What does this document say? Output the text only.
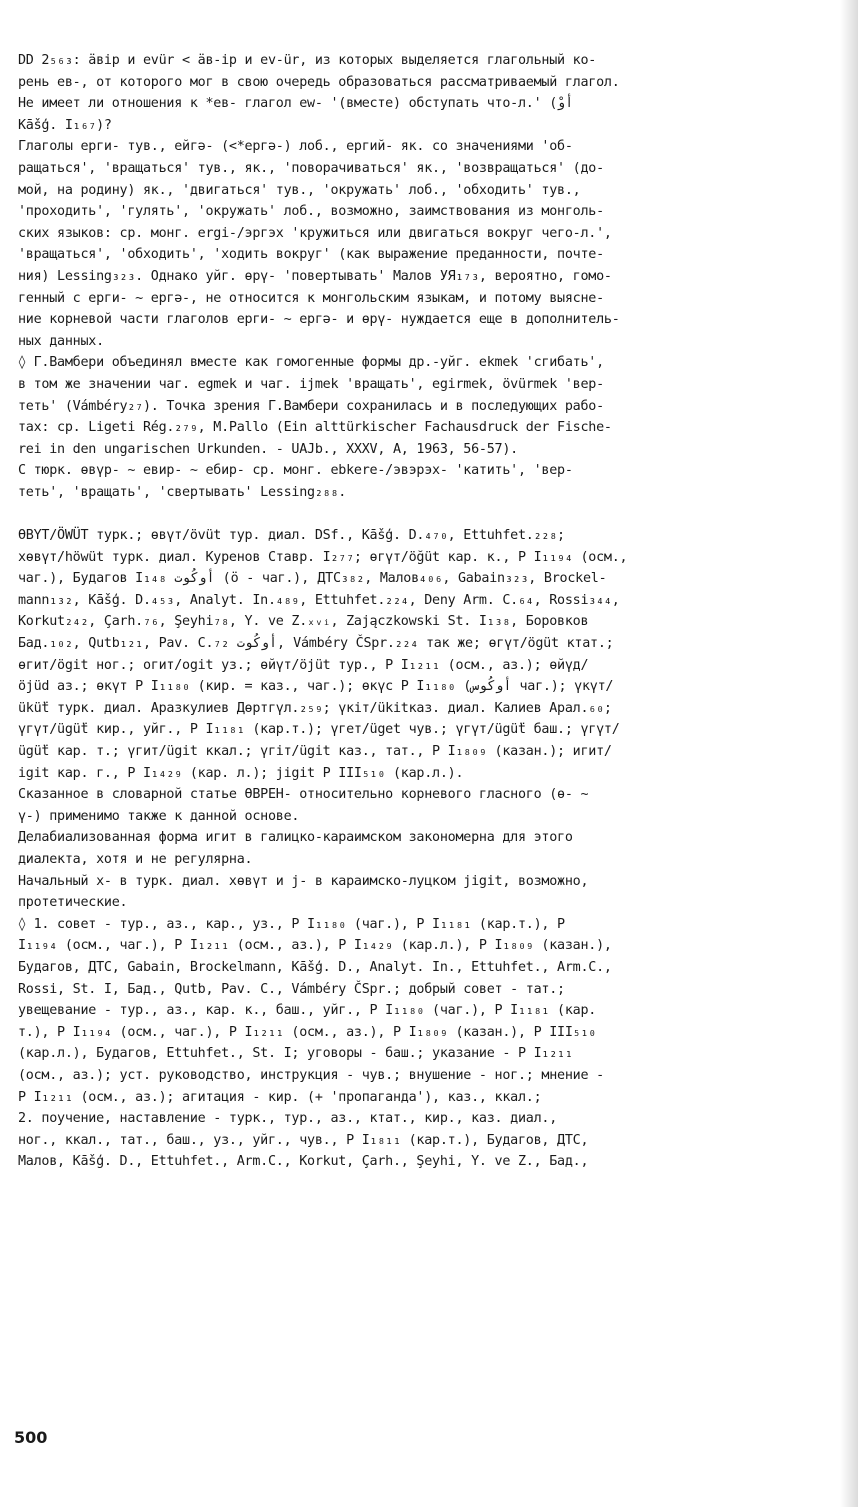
DD 2₅₆₃: ӓвір и evür < ӓв-ір и ev-ür, из которых выделяется глагольный ко-
рень ев-, от которого мог в свою очередь образоваться рассматриваемый глагол.
Не имеет ли отношения к *ев- глагол ew- '(вместе) обступать что-л.' (أُوْ
Kāšģ. I₁₆₇)?
Глаголы ерги- тув., ейгә- (<*ергә-) лоб., ергий- як. со значениями 'об-
ращаться', 'вращаться' тув., як., 'поворачиваться' як., 'возвращаться' (до-
мой, на родину) як., 'двигаться' тув., 'окружать' лоб., 'обходить' тув.,
'проходить', 'гулять', 'окружать' лоб., возможно, заимствования из монголь-
ских языков: ср. монг. ergi-/эргэх 'кружиться или двигаться вокруг чего-л.',
'вращаться', 'обходить', 'ходить вокруг' (как выражение преданности, почте-
ния) Lessing₃₂₃. Однако уйг. өрү- 'повертывать' Малов УЯ₁₇₃, вероятно, гомо-
генный с ерги- ~ ергә-, не относится к монгольским языкам, и потому выясне-
ние корневой части глаголов ерги- ~ ергә- и өрү- нуждается еще в дополнитель-
ных данных.
◊ Г.Вамбери объединял вместе как гомогенные формы др.-уйг. ekmek 'сгибать',
в том же значении чаг. egmek и чаг. ijmek 'вращать', egirmek, övürmek 'вер-
теть' (Vámbéry₂₇). Точка зрения Г.Вамбери сохранилась и в последующих рабо-
тах: ср. Ligeti Rég.₂₇₉, M.Pallo (Ein alttürkischer Fachausdruck der Fische-
rei in den ungarischen Urkunden. - UAJb., XXXV, A, 1963, 56-57).
С тюрк. өвүр- ~ евир- ~ ебир- ср. монг. ebkere-/эвэрэх- 'катить', 'вер-
теть', 'вращать', 'свертывать' Lessing₂₈₈.
ӨВҮТ/ÖWÜT турк.; өвүт/övüt тур. диал. DSf., Kāšģ. D.₄₇₀, Ettuhfet.₂₂₈;
хөвүт/höwüt турк. диал. Куренов Ставр. I₂₇₇; өгүт/öğüt кар. к., P I₁₁₉₄ (осм.,
чаг.), Будагов I₁₄₈ أُوكُوت (ӧ - чаг.), ДТС₃₈₂, Малов₄₀₆, Gabain₃₂₃, Brockel-
mann₁₃₂, Kāšģ. D.₄₅₃, Analyt. In.₄₈₉, Ettuhfet.₂₂₄, Deny Arm. C.₆₄, Rossi₃₄₄,
Korkut₂₄₂, Çarh.₇₆, Şeyhi₇₈, Y. ve Z.ₓᵥᵢ, Zajączkowski St. I₁₃₈, Боровков
Бад.₁₀₂, Qutb₁₂₁, Pav. C.₇₂ أُوكُوت, Vámbéry ČSpr.₂₂₄ так же; өгүт/ögüt ктат.;
өгит/ögit ног.; огит/ogit уз.; өйүт/öjüt тур., P I₁₂₁₁ (осм., аз.); өйүд/
öjüd аз.; өкүт P I₁₁₈₀ (кир. = каз., чаг.); өкүс P I₁₁₈₀ (أُوكُوس чаг.); үкүт/
ükü̈t турк. диал. Аразкулиев Дөртгүл.₂₅₉; үкіт/ükitказ. диал. Калиев Арал.₆₀;
үгүт/ügü̈t кир., уйг., P I₁₁₈₁ (кар.т.); үгет/üget чув.; үгүт/ügü̈t баш.; үгүт/
ügü̈t кар. т.; үгит/ügit ккал.; үгіт/ügіt каз., тат., P I₁₈₀₉ (казан.); игит/
igit кар. г., P I₁₄₂₉ (кар. л.); jigit P III₅₁₀ (кар.л.).
Сказанное в словарной статье ӨВРЕН- относительно корневого гласного (ө- ~
ү-) применимо также к данной основе.
Делабиализованная форма игит в галицко-караимском закономерна для этого
диалекта, хотя и не регулярна.
Начальный х- в турк. диал. хөвүт и j- в караимско-луцком jigit, возможно,
протетические.
◊ 1. совет - тур., аз., кар., уз., P I₁₁₈₀ (чаг.), P I₁₁₈₁ (кар.т.), P
I₁₁₉₄ (осм., чаг.), P I₁₂₁₁ (осм., аз.), P I₁₄₂₉ (кар.л.), P I₁₈₀₉ (казан.),
Будагов, ДТС, Gabain, Brockelmann, Kāšģ. D., Analyt. In., Ettuhfet., Arm.C.,
Rossi, St. I, Бад., Qutb, Pav. C., Vámbéry ČSpr.; добрый совет - тат.;
увещевание - тур., аз., кар. к., баш., уйг., P I₁₁₈₀ (чаг.), P I₁₁₈₁ (кар.
т.), P I₁₁₉₄ (осм., чаг.), P I₁₂₁₁ (осм., аз.), P I₁₈₀₉ (казан.), P III₅₁₀
(кар.л.), Будагов, Ettuhfet., St. I; уговоры - баш.; указание - P I₁₂₁₁
(осм., аз.); уст. руководство, инструкция - чув.; внушение - ног.; мнение -
P I₁₂₁₁ (осм., аз.); агитация - кир. (+ 'пропаганда'), каз., ккал.;
2. поучение, наставление - турк., тур., аз., ктат., кир., каз. диал.,
ног., ккал., тат., баш., уз., уйг., чув., P I₁₈₁₁ (кар.т.), Будагов, ДТС,
Малов, Kāšģ. D., Ettuhfet., Arm.C., Korkut, Çarh., Şeyhi, Y. ve Z., Бад.,
500
